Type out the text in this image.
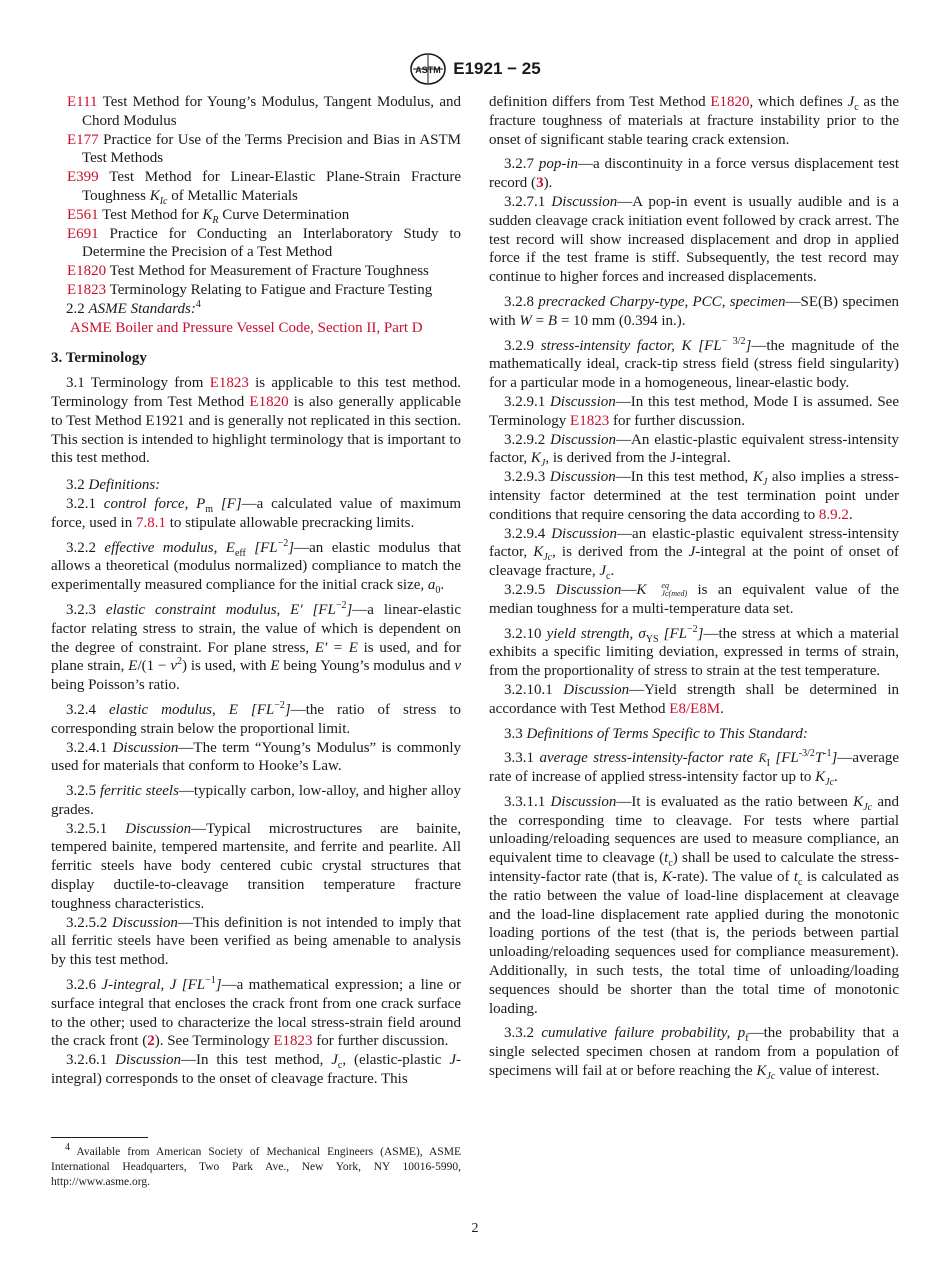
ASTM E1921 − 25

E111 Test Method for Young’s Modulus, Tangent Modulus, and Chord Modulus

E177 Practice for Use of the Terms Precision and Bias in ASTM Test Methods

E399 Test Method for Linear-Elastic Plane-Strain Fracture Toughness $K_{Ic}$ of Metallic Materials

E561 Test Method for $K_R$ Curve Determination

E691 Practice for Conducting an Interlaboratory Study to Determine the Precision of a Test Method

E1820 Test Method for Measurement of Fracture Toughness

E1823 Terminology Relating to Fatigue and Fracture Testing

2.2 ASME Standards:$^4$

ASME Boiler and Pressure Vessel Code, Section II, Part D

3. Terminology

3.1 Terminology from E1823 is applicable to this test method. Terminology from Test Method E1820 is also generally applicable to Test Method E1921 and is generally not replicated in this section. This section is intended to highlight terminology that is important to this test method.

3.2 Definitions:

3.2.1 control force, $P_m$ [F]—a calculated value of maximum force, used in 7.8.1 to stipulate allowable precracking limits.

3.2.2 effective modulus, $E_{eff}$ $[FL^{-2}]—an$ elastic modulus that allows a theoretical (modulus normalized) compliance to match the experimentally measured compliance for the initial crack size, $a_0$.

3.2.3 elastic constraint modulus, E' $[FL^{-2}]—a$ linear-elastic factor relating stress to strain, the value of which is dependent on the degree of constraint. For plane stress, E' = E is used, and for plane strain, $E/(1 - v^2)$ is used, with E being Young’s modulus and v being Poisson’s ratio.

3.2.4 elastic modulus, E $[FL^{-2}]—the$ ratio of stress to corresponding strain below the proportional limit.

3.2.4.1 Discussion—The term “Young’s Modulus” is commonly used for materials that conform to Hooke’s Law.

3.2.5 ferritic steels—typically carbon, low-alloy, and higher alloy grades.

3.2.5.1 Discussion—Typical microstructures are bainite, tempered bainite, tempered martensite, and ferrite and pearlite. All ferritic steels have body centered cubic crystal structures that display ductile-to-cleavage transition temperature fracture toughness characteristics.

3.2.5.2 Discussion—This definition is not intended to imply that all ferritic steels have been verified as being amenable to analysis by this test method.

3.2.6 J-integral, J $[FL^{-1}]—a$ mathematical expression; a line or surface integral that encloses the crack front from one crack surface to the other; used to characterize the local stress-strain field around the crack front (2). See Terminology E1823 for further discussion.

3.2.6.1 Discussion—In this test method, $J_c$, (elastic-plastic J-integral) corresponds to the onset of cleavage fracture. This

$^4$ Available from American Society of Mechanical Engineers (ASME), ASME International Headquarters, Two Park Ave., New York, NY 10016-5990, http://www.asme.org.

definition differs from Test Method E1820, which defines $J_c$ as the fracture toughness of materials at fracture instability prior to the onset of significant stable tearing crack extension.

3.2.7 pop-in—a discontinuity in a force versus displacement test record (3).

3.2.7.1 Discussion—A pop-in event is usually audible and is a sudden cleavage crack initiation event followed by crack arrest. The test record will show increased displacement and drop in applied force if the test frame is stiff. Subsequently, the test record may continue to higher forces and increased displacements.

3.2.8 precracked Charpy-type, PCC, specimen—SE(B) specimen with W = B = 10 mm (0.394 in.).

3.2.9 stress-intensity factor, K $[FL^{- 3/2}]—the$ magnitude of the mathematically ideal, crack-tip stress field (stress field singularity) for a particular mode in a homogeneous, linear-elastic body.

3.2.9.1 Discussion—In this test method, Mode I is assumed. See Terminology E1823 for further discussion.

3.2.9.2 Discussion—An elastic-plastic equivalent stress-intensity factor, $K_J$, is derived from the J-integral.

3.2.9.3 Discussion—In this test method, $K_J$ also implies a stress-intensity factor determined at the test termination point under conditions that require censoring the data according to 8.9.2.

3.2.9.4 Discussion—an elastic-plastic equivalent stress-intensity factor, $K_{Jc}$, is derived from the J-integral at the point of onset of cleavage fracture, $J_c$.

3.2.9.5 Discussion—K	eq
Jc(med) is an equivalent value of the median toughness for a multi-temperature data set.

3.2.10 yield strength, $\sigma_{YS}$ $[FL^{-2}]—the$ stress at which a material exhibits a specific limiting deviation, expressed in terms of strain, from the proportionality of stress to strain at the test temperature.

3.2.10.1 Discussion—Yield strength shall be determined in accordance with Test Method E8/E8M.

3.3 Definitions of Terms Specific to This Standard:

3.3.1 average stress-intensity-factor rate $K̄_I$ $[FL^{-3/2}T^{-1}]—average$ rate of increase of applied stress-intensity factor up to $K_{Jc}$.

3.3.1.1 Discussion—It is evaluated as the ratio between $K_{Jc}$ and the corresponding time to cleavage. For tests where partial unloading/reloading sequences are used to measure compliance, an equivalent time to cleavage $(t_c)$ shall be used to calculate the stress-intensity-factor rate (that is, K-rate). The value of $t_c$ is calculated as the ratio between the value of load-line displacement at cleavage and the load-line displacement rate applied during the monotonic loading portions of the test (that is, the periods between partial unloading/reloading sequences used for compliance measurement). Additionally, in such tests, the total time of unloading/loading sequences should be shorter than the total time of monotonic loading.

3.3.2 cumulative failure probability, $p_f—the$ probability that a single selected specimen chosen at random from a population of specimens will fail at or before reaching the $K_{Jc}$ value of interest.

2
